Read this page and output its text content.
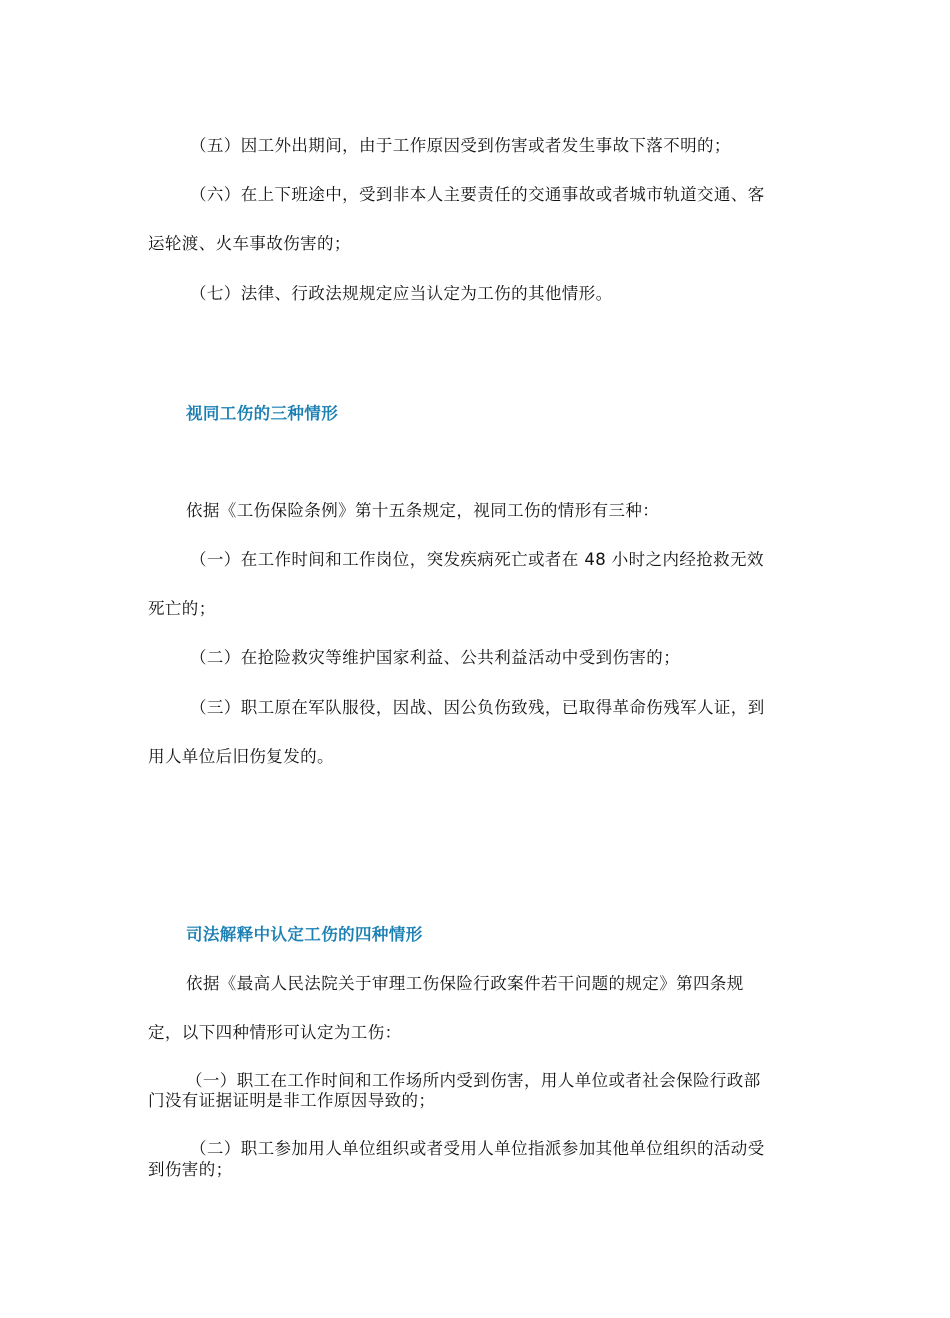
（五）因工外出期间，由于工作原因受到伤害或者发生事故下落不明的；
（六）在上下班途中，受到非本人主要责任的交通事故或者城市轨道交通、客
运轮渡、火车事故伤害的；
（七）法律、行政法规规定应当认定为工伤的其他情形。
视同工伤的三种情形
依据《工伤保险条例》第十五条规定，视同工伤的情形有三种：
（一）在工作时间和工作岗位，突发疾病死亡或者在 48 小时之内经抢救无效
死亡的；
（二）在抢险救灾等维护国家利益、公共利益活动中受到伤害的；
（三）职工原在军队服役，因战、因公负伤致残，已取得革命伤残军人证，到
用人单位后旧伤复发的。
司法解释中认定工伤的四种情形
依据《最高人民法院关于审理工伤保险行政案件若干问题的规定》第四条规
定，以下四种情形可认定为工伤：
（一）职工在工作时间和工作场所内受到伤害，用人单位或者社会保险行政部
门没有证据证明是非工作原因导致的；
（二）职工参加用人单位组织或者受用人单位指派参加其他单位组织的活动受
到伤害的；
